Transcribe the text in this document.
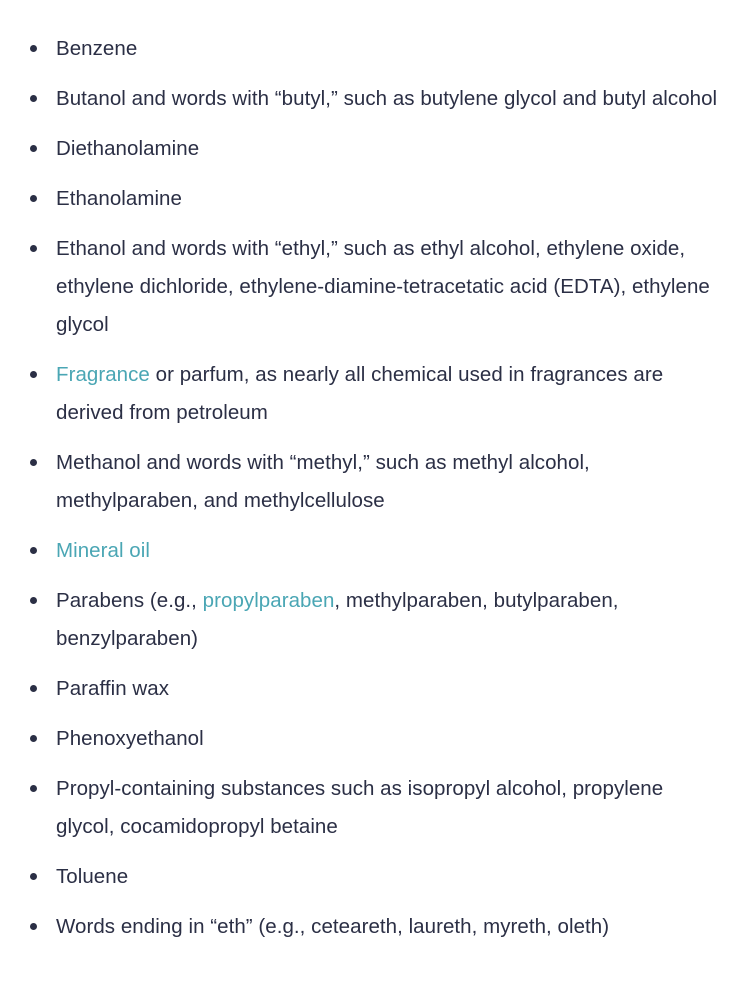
Benzene
Butanol and words with “butyl,” such as butylene glycol and butyl alcohol
Diethanolamine
Ethanolamine
Ethanol and words with “ethyl,” such as ethyl alcohol, ethylene oxide, ethylene dichloride, ethylene-diamine-tetracetatic acid (EDTA), ethylene glycol
Fragrance or parfum, as nearly all chemical used in fragrances are derived from petroleum
Methanol and words with “methyl,” such as methyl alcohol, methylparaben, and methylcellulose
Mineral oil
Parabens (e.g., propylparaben, methylparaben, butylparaben, benzylparaben)
Paraffin wax
Phenoxyethanol
Propyl-containing substances such as isopropyl alcohol, propylene glycol, cocamidopropyl betaine
Toluene
Words ending in “eth” (e.g., ceteareth, laureth, myreth, oleth)
